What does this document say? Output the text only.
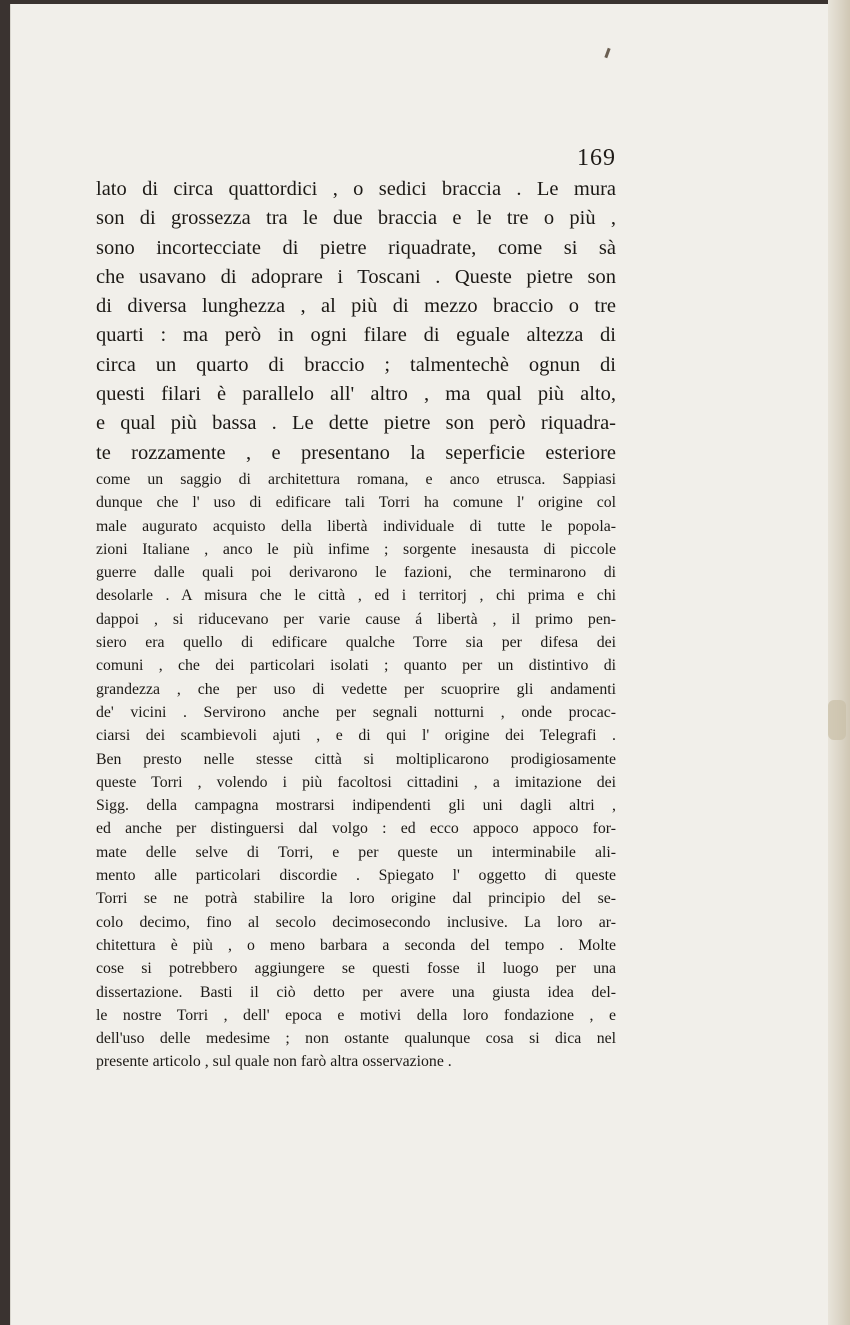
169
lato di circa quattordici , o sedici braccia . Le mura
son di grossezza tra le due braccia e le tre o più ,
sono incortecciate di pietre riquadrate, come si sà
che usavano di adoprare i Toscani . Queste pietre son
di diversa lunghezza , al più di mezzo braccio o tre
quarti : ma però in ogni filare di eguale altezza di
circa un quarto di braccio ; talmentechè ognun di
questi filari è parallelo all' altro , ma qual più alto,
e qual più bassa . Le dette pietre son però riquadra-
te rozzamente , e presentano la seperficie esteriore
come un saggio di architettura romana, e anco etrusca. Sappiasi
dunque che l' uso di edificare tali Torri ha comune l' origine col
male augurato acquisto della libertà individuale di tutte le popola-
zioni Italiane , anco le più infime ; sorgente inesausta di piccole
guerre dalle quali poi derivarono le fazioni, che terminarono di
desolarle . A misura che le città , ed i territorj , chi prima e chi
dappoi , si riducevano per varie cause á libertà , il primo pen-
siero era quello di edificare qualche Torre sia per difesa dei
comuni , che dei particolari isolati ; quanto per un distintivo di
grandezza , che per uso di vedette per scuoprire gli andamenti
de' vicini . Servirono anche per segnali notturni , onde procac-
ciarsi dei scambievoli ajuti , e di qui l' origine dei Telegrafi .
Ben presto nelle stesse città si moltiplicarono prodigiosamente
queste Torri , volendo i più facoltosi cittadini , a imitazione dei
Sigg. della campagna mostrarsi indipendenti gli uni dagli altri ,
ed anche per distinguersi dal volgo : ed ecco appoco appoco for-
mate delle selve di Torri, e per queste un interminabile ali-
mento alle particolari discordie . Spiegato l' oggetto di queste
Torri se ne potrà stabilire la loro origine dal principio del se-
colo decimo, fino al secolo decimosecondo inclusive. La loro ar-
chitettura è più , o meno barbara a seconda del tempo . Molte
cose si potrebbero aggiungere se questi fosse il luogo per una
dissertazione. Basti il ciò detto per avere una giusta idea del-
le nostre Torri , dell' epoca e motivi della loro fondazione , e
dell'uso delle medesime ; non ostante qualunque cosa si dica nel
presente articolo , sul quale non farò altra osservazione .
